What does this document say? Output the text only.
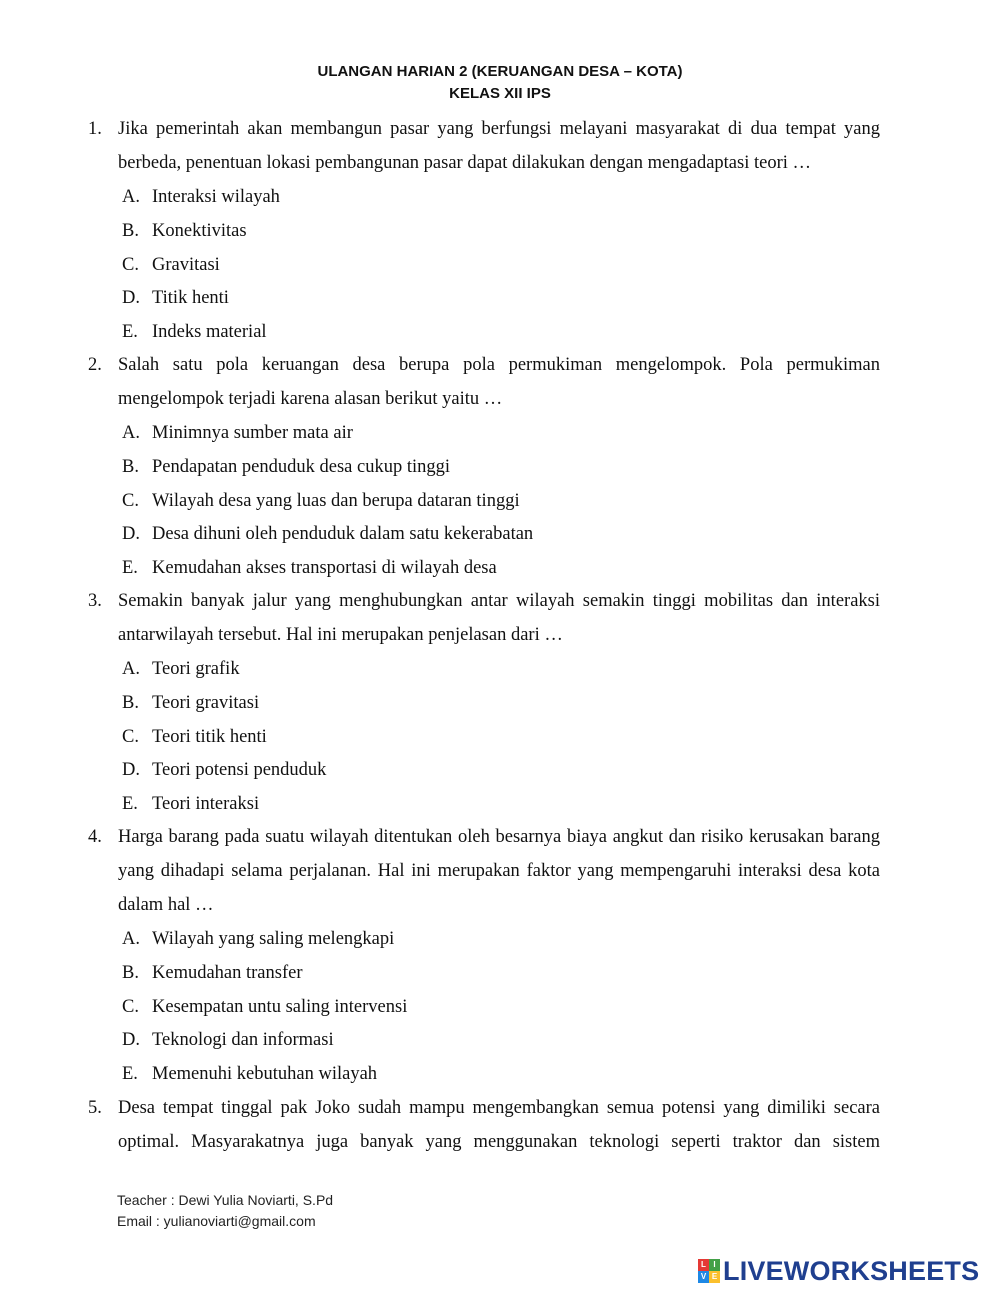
ULANGAN HARIAN 2 (KERUANGAN DESA – KOTA)
KELAS XII IPS
1. Jika pemerintah akan membangun pasar yang berfungsi melayani masyarakat di dua tempat yang berbeda, penentuan lokasi pembangunan pasar dapat dilakukan dengan mengadaptasi teori …
A. Interaksi wilayah
B. Konektivitas
C. Gravitasi
D. Titik henti
E. Indeks material
2. Salah satu pola keruangan desa berupa pola permukiman mengelompok. Pola permukiman mengelompok terjadi karena alasan berikut yaitu …
A. Minimnya sumber mata air
B. Pendapatan penduduk desa cukup tinggi
C. Wilayah desa yang luas dan berupa dataran tinggi
D. Desa dihuni oleh penduduk dalam satu kekerabatan
E. Kemudahan akses transportasi di wilayah desa
3. Semakin banyak jalur yang menghubungkan antar wilayah semakin tinggi mobilitas dan interaksi antarwilayah tersebut. Hal ini merupakan penjelasan dari …
A. Teori grafik
B. Teori gravitasi
C. Teori titik henti
D. Teori potensi penduduk
E. Teori interaksi
4. Harga barang pada suatu wilayah ditentukan oleh besarnya biaya angkut dan risiko kerusakan barang yang dihadapi selama perjalanan. Hal ini merupakan faktor yang mempengaruhi interaksi desa kota dalam hal …
A. Wilayah yang saling melengkapi
B. Kemudahan transfer
C. Kesempatan untu saling intervensi
D. Teknologi dan informasi
E. Memenuhi kebutuhan wilayah
5. Desa tempat tinggal pak Joko sudah mampu mengembangkan semua potensi yang dimiliki secara optimal. Masyarakatnya juga banyak yang menggunakan teknologi seperti traktor dan sistem
Teacher : Dewi Yulia Noviarti, S.Pd
Email : yulianoviarti@gmail.com
L I
V E LIVEWORKSHEETS
